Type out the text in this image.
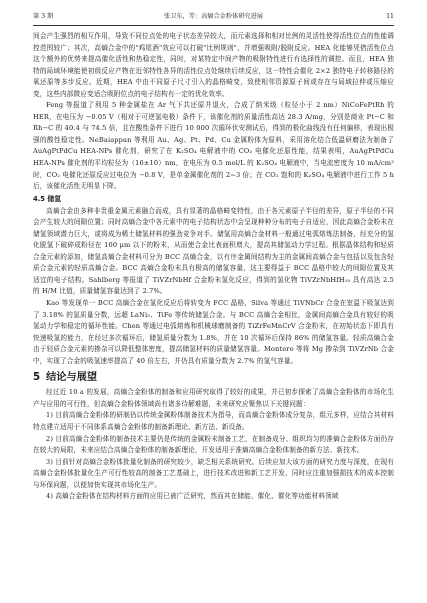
第 3 期	张卫东，等：高熵合金粉体研究进展	11

间会产生强烈的相互作用，导致不同位点处的电子状态差异较大，而元素选择和相对比例的灵活性使得活性位点的性能调控范围较广；其次，高熵合金中的"鸡尾酒"效应可以打破"比例规则"，并增强吸附/脱附反应。HEA 化能够凭借活性位点这个额外的优势来提高催化活性和热稳定性，同时，对某特定中间产物的吸附特性进行有选择性的调控。而且，HEA 独特的局域环境能使初级反应产物在近邻特性各异的活性位点处继续后续反应，这一特性会催化 2×2 独特电子转移路径的氧还原等多步反应。近期，HEA 中由不同原子尺寸引入的晶格畸变，致使相邻资源原子间或存在与局域拉伸或压缩应变，这些内部微应变适合吸附位点的电子结构有一定的优化效率。

Feng 等报道了利用 5 种金属盐在 Ar 气下共还原并退火，合成了纳米级（粒径小于 2 nm）NiCoFePtRh 的 HER，在电压为 −0.05 V（相对于可逆氢电极）条件下，该催化剂的质量活性高达 28.3 A/mg，分别是商业 Pt−C 和 Rh−C 的 40.4 与 74.5 倍，且在酸性条件下进行 10 000 次循环伏安测试后，得到的极化曲线没有任何偏移，表现出极强的酸性稳定性。NeBaiappan 等利用 Au、Ag、Pt、Pd、Cu 金属粉体为原料，采用溶化结合低温研磨法为制备了 AuAgPtPdCu HEA-NPs 催化剂，研究了在 K₂SO₄ 电解液中的 CO₂ 电催化还原性能，结果表明，AuAgPtPdCu HEA-NPs 催化剂的平均粒径为（16±10）nm，在电压为 0.5 mol/L 的 K₂SO₄ 电解液中，当电流密度为 10 mA/cm² 时，CO₂ 电催化还原反应过电位为 −0.8 V，是单金属催化剂的 2~3 倍；在 CO₂ 饱和的 K₂SO₄ 电解液中进行工作 5 h 后，该催化活性无明显下降。

4.5 储氢

高熵合金由多种非贵重金属元素融合而成，具有显著的晶格畸变特性，由于各元素原子半径的差异，原子半径的不同会产生较大的间隙位置；同时高熵合金中各元素中的电子结构状态中会呈现种种分布的电子自适应，因此高熵合金粉末在储氢领域潜力巨大，或将成为稀土储氢材料的强劲竞争对手。储氢用高熵合金材料一般通过电弧熔炼法制备，经充分的氢化脱氢下破碎成粉径在 100 μm 以下的粉末，从而使合金比表面积增大，提高其储氢动力学过程。根据晶体结构和轻质合金元素的添加，储氢高熵合金材料可分为 BCC 高熵合金，以有序金属间结构为主的金属间高熵合金与包括以及包含轻质合金元素的轻质高熵合金。BCC 高熵合金粉末具有极高的储氢容量，这主要得益于 BCC 晶格中较大的间隙位置及其适宜的电子结构。Sahlberg 等报道了 TiVZrNbHf 合金粉末氢化反应，得到的氢化物 TiVZrNbHfH₁₀ 具有高达 2.5 的 H/M 比值，质量储氢容量达到了 2.7%。

Kao 等发现单一 BCC 高熵合金在氢化反应后将转变为 FCC 晶格，Silva 等通过 TiVNbCr 合金在室温下吸氢达到了 3.18% 的氢质量分数，远超 LaNi₅、TiFe 等传统储氢合金。与 BCC 高熵合金相比，金属间高熵合金具有较好的吸氢动力学和稳定的循环性能。Chen 等通过电弧熔炼和机械球磨制备的 TiZrFeMnCrV 合金粉末，在初始状态下即具有快速吸氢的能力，在经过多次循环后，储氢质量分数为 1.8%，并在 10 次循环后保持 86% 的储氢容量。轻质高熵合金由于轻质合金元素的掺杂可以降低整体密度，提高储氢材料的质量储氢容量。Montero 等将 Mg 掺杂到 TiVZrNb 合金中，实现了合金的吸氢速率提高了 40 倍左右，并仍具有质量分数为 2.7% 的氢气容量。

5 结论与展望

经过近 10 a 的发展，高熵合金粉体的制备和应用研究取得了较好的成果，并已初步探索了高熵合金粉体的市场化生产与应用的可行性，但高熵合金粉体领域尚有诸多待解难题，未来研究应聚焦以下关键问题：

1) 目前高熵合金粉体的研制仍以传统金属粉体制备技术为指导，而高熵合金粉体成分复杂，组元多样，应结合其材料特点建立适用于不同体系高熵合金粉体的制备新理论、新方法、新设备。

2) 目前高熵合金粉体的制备技术主要仍是传统的金属粉末制备工艺，在制备成分、组织均匀的准熵合金粉体方面仍存在较大的局限，未来应结合高熵合金粉体的制备新理论，开发适用于准熵高熵合金粉体制备的新方法、新技术。

3) 目前针对高熵合金粉体批量化制备的研究较少，缺乏相关系统研究。后续应加大该方面的研究力度与深度，在现有高熵合金粉体批量化生产可行性较高的制备工艺基础上，进行技术改进和新工艺开发，同时应注重加强损技术的成本控制与环保问题，以便加快实现其市场化生产。

4) 高熵合金粉体在结构材料方面的应用已被广泛研究，然而其在储能、催化、催化等功能材料领域
